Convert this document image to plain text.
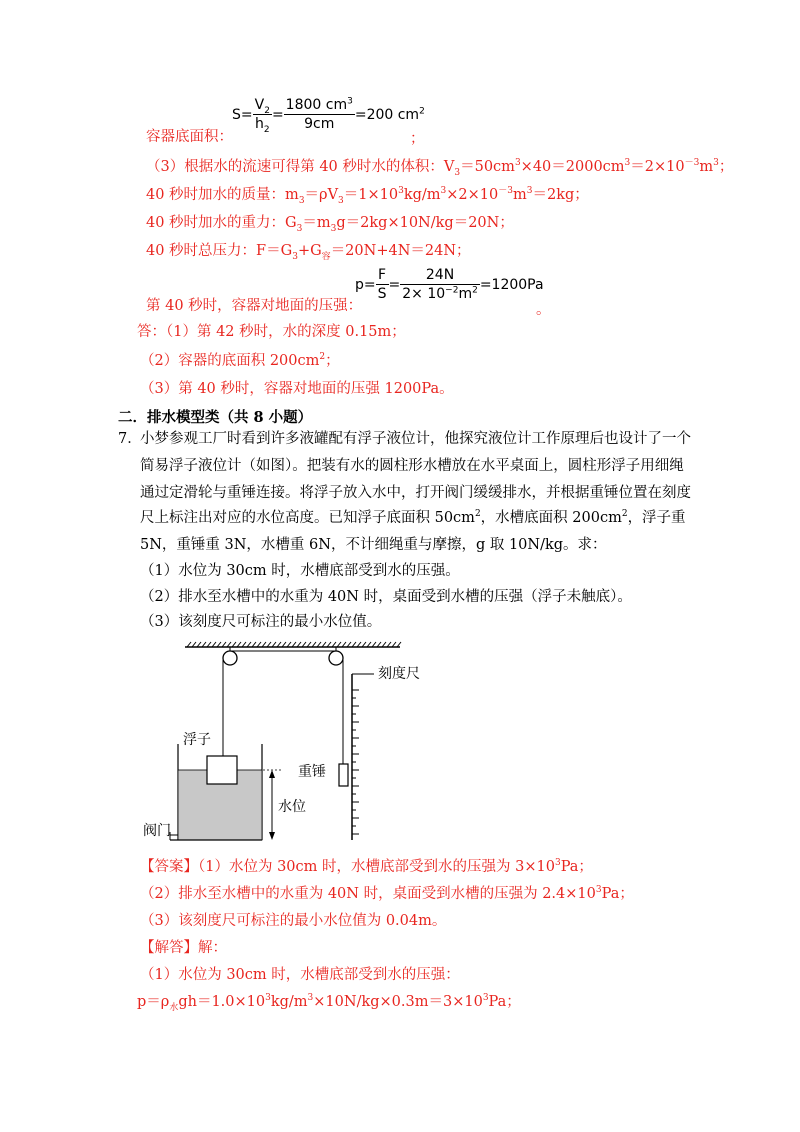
$S= \frac{V_2}{h_2} = \frac{1800 cm^3}{9cm} =200$ $cm^2$
容器底面积：	；
（3）根据水的流速可得第 40 秒时水的体积：$V_3=50cm^3\times 40=2000cm^3=2\times 10^{-3}m^3$；
40 秒时加水的质量：$m_3=\rho V_3=1\times 10^3kg/m^3\times 2\times 10^{-3}m^3=2kg$；
40 秒时加水的重力：$G_3=m_3g=2kg\times 10N/kg=20N$；
40 秒时总压力：$F=G_3+G_容=20N+4N=24N$；
$p= \frac{F}{S} = \frac{24N}{2\times 10^{-2}m^2} =1200Pa$
第 40 秒时，容器对地面的压强：	。
答：（1）第 42 秒时，水的深度 0.15m；
（2）容器的底面积 $200cm^2$；
（3）第 40 秒时，容器对地面的压强 1200Pa。
二．排水模型类（共 8 小题）
7．
小梦参观工厂时看到许多液罐配有浮子液位计，他探究液位计工作原理后也设计了一个
简易浮子液位计（如图）。把装有水的圆柱形水槽放在水平桌面上，圆柱形浮子用细绳
通过定滑轮与重锤连接。将浮子放入水中，打开阀门缓缓排水，并根据重锤位置在刻度
尺上标注出对应的水位高度。已知浮子底面积 $50cm^2$，水槽底面积 $200cm^2$，浮子重
5N，重锤重 3N，水槽重 6N，不计细绳重与摩擦，g 取 10N/kg。求：
（1）水位为 30cm 时，水槽底部受到水的压强。
（2）排水至水槽中的水重为 40N 时，桌面受到水槽的压强（浮子未触底）。
（3）该刻度尺可标注的最小水位值。
刻度尺
浮子
重锤
水位
阀门
【答案】（1）水位为 30cm 时，水槽底部受到水的压强为 $3\times 10^3Pa$；
（2）排水至水槽中的水重为 40N 时，桌面受到水槽的压强为 $2.4\times 10^3Pa$；
（3）该刻度尺可标注的最小水位值为 0.04m。
【解答】解：
（1）水位为 30cm 时，水槽底部受到水的压强：
$p=\rho_水gh=1.0\times 10^3kg/m^3\times 10N/kg\times 0.3m=3\times 10^3Pa$；
